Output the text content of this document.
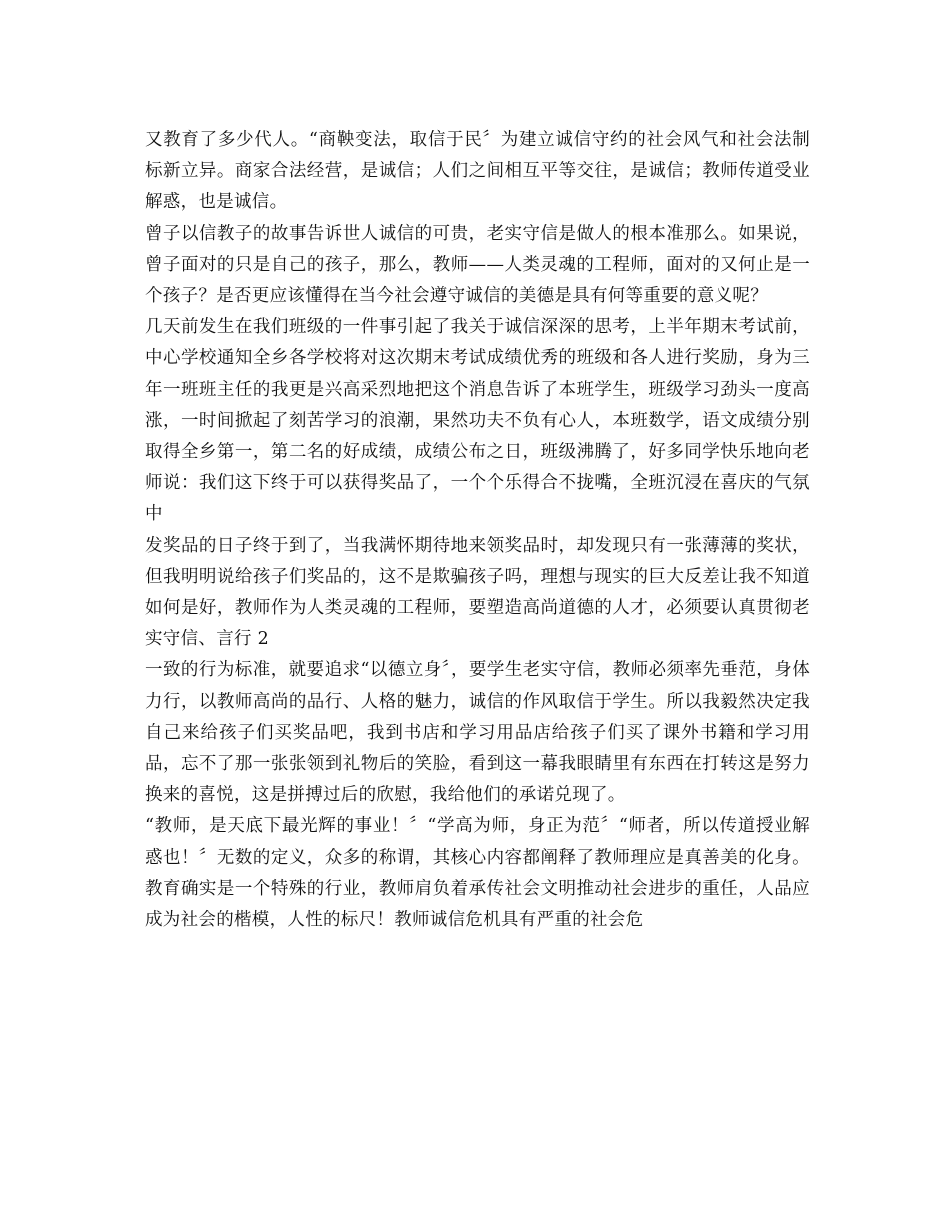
又教育了多少代人。“商鞅变法，取信于民〞为建立诚信守约的社会风气和社会法制标新立异。商家合法经营，是诚信；人们之间相互平等交往，是诚信；教师传道受业解惑，也是诚信。

曾子以信教子的故事告诉世人诚信的可贵，老实守信是做人的根本准那么。如果说，曾子面对的只是自己的孩子，那么，教师——人类灵魂的工程师，面对的又何止是一个孩子？是否更应该懂得在当今社会遵守诚信的美德是具有何等重要的意义呢？

几天前发生在我们班级的一件事引起了我关于诚信深深的思考，上半年期末考试前，中心学校通知全乡各学校将对这次期末考试成绩优秀的班级和各人进行奖励，身为三年一班班主任的我更是兴高采烈地把这个消息告诉了本班学生，班级学习劲头一度高涨，一时间掀起了刻苦学习的浪潮，果然功夫不负有心人，本班数学，语文成绩分别取得全乡第一，第二名的好成绩，成绩公布之日，班级沸腾了，好多同学快乐地向老师说：我们这下终于可以获得奖品了，一个个乐得合不拢嘴，全班沉浸在喜庆的气氛中

发奖品的日子终于到了，当我满怀期待地来领奖品时，却发现只有一张薄薄的奖状，但我明明说给孩子们奖品的，这不是欺骗孩子吗，理想与现实的巨大反差让我不知道如何是好，教师作为人类灵魂的工程师，要塑造高尚道德的人才，必须要认真贯彻老实守信、言行 2

一致的行为标准，就要追求“以德立身〞，要学生老实守信，教师必须率先垂范，身体力行，以教师高尚的品行、人格的魅力，诚信的作风取信于学生。所以我毅然决定我自己来给孩子们买奖品吧，我到书店和学习用品店给孩子们买了课外书籍和学习用品，忘不了那一张张领到礼物后的笑脸，看到这一幕我眼睛里有东西在打转这是努力换来的喜悦，这是拼搏过后的欣慰，我给他们的承诺兑现了。

“教师，是天底下最光辉的事业！〞“学高为师，身正为范〞“师者，所以传道授业解惑也！〞无数的定义，众多的称谓，其核心内容都阐释了教师理应是真善美的化身。教育确实是一个特殊的行业，教师肩负着承传社会文明推动社会进步的重任，人品应成为社会的楷模，人性的标尺！教师诚信危机具有严重的社会危
